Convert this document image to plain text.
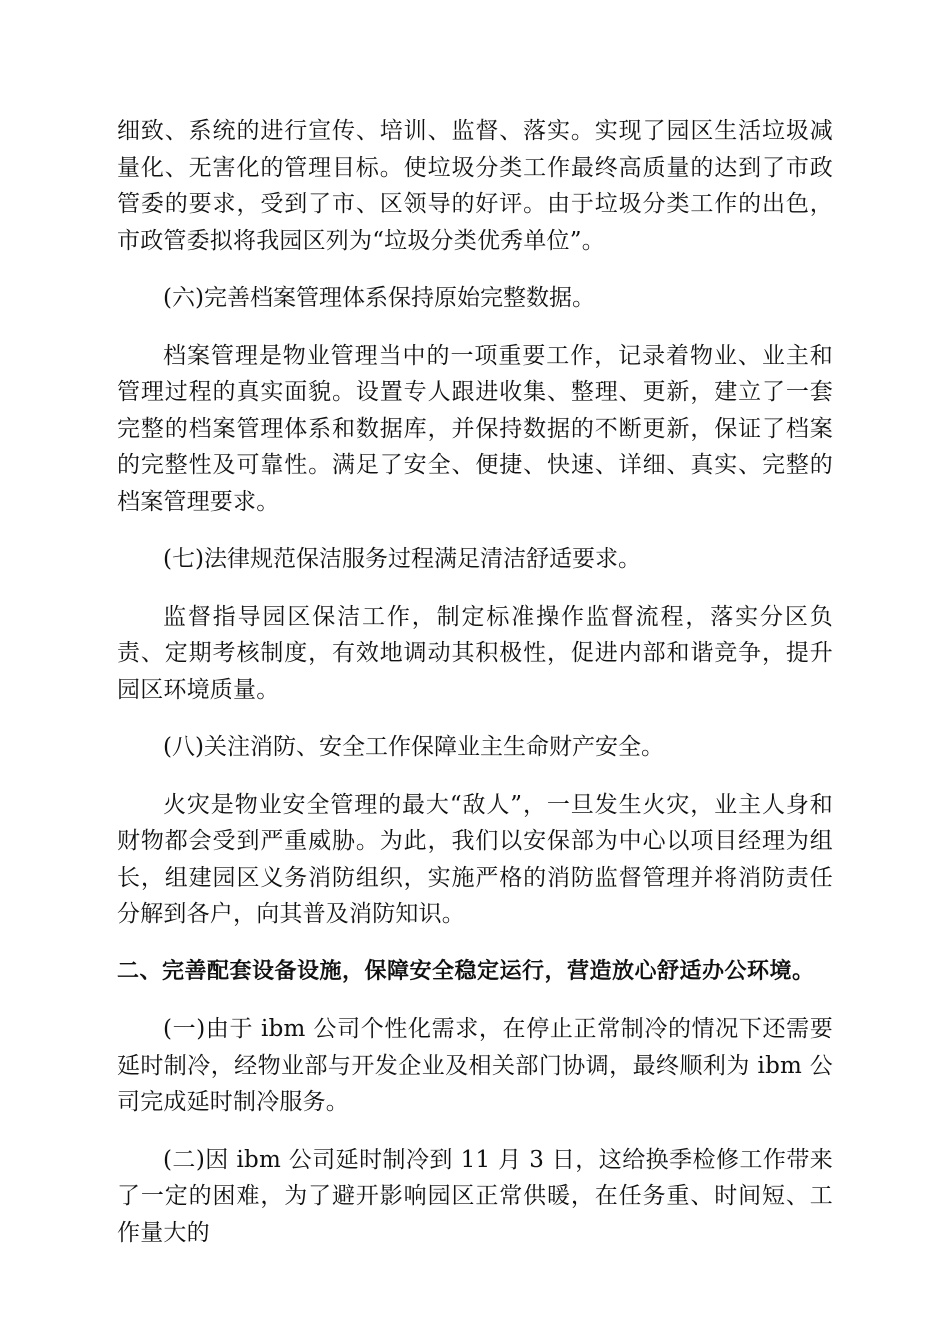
细致、系统的进行宣传、培训、监督、落实。实现了园区生活垃圾减量化、无害化的管理目标。使垃圾分类工作最终高质量的达到了市政管委的要求，受到了市、区领导的好评。由于垃圾分类工作的出色，市政管委拟将我园区列为“垃圾分类优秀单位”。

(六)完善档案管理体系保持原始完整数据。

档案管理是物业管理当中的一项重要工作，记录着物业、业主和管理过程的真实面貌。设置专人跟进收集、整理、更新，建立了一套完整的档案管理体系和数据库，并保持数据的不断更新，保证了档案的完整性及可靠性。满足了安全、便捷、快速、详细、真实、完整的档案管理要求。

(七)法律规范保洁服务过程满足清洁舒适要求。

监督指导园区保洁工作，制定标准操作监督流程，落实分区负责、定期考核制度，有效地调动其积极性，促进内部和谐竞争，提升园区环境质量。

(八)关注消防、安全工作保障业主生命财产安全。

火灾是物业安全管理的最大“敌人”，一旦发生火灾，业主人身和财物都会受到严重威胁。为此，我们以安保部为中心以项目经理为组长，组建园区义务消防组织，实施严格的消防监督管理并将消防责任分解到各户，向其普及消防知识。

二、完善配套设备设施，保障安全稳定运行，营造放心舒适办公环境。

(一)由于 ibm 公司个性化需求，在停止正常制冷的情况下还需要延时制冷，经物业部与开发企业及相关部门协调，最终顺利为 ibm 公司完成延时制冷服务。

(二)因 ibm 公司延时制冷到 11 月 3 日，这给换季检修工作带来了一定的困难，为了避开影响园区正常供暖，在任务重、时间短、工作量大的
